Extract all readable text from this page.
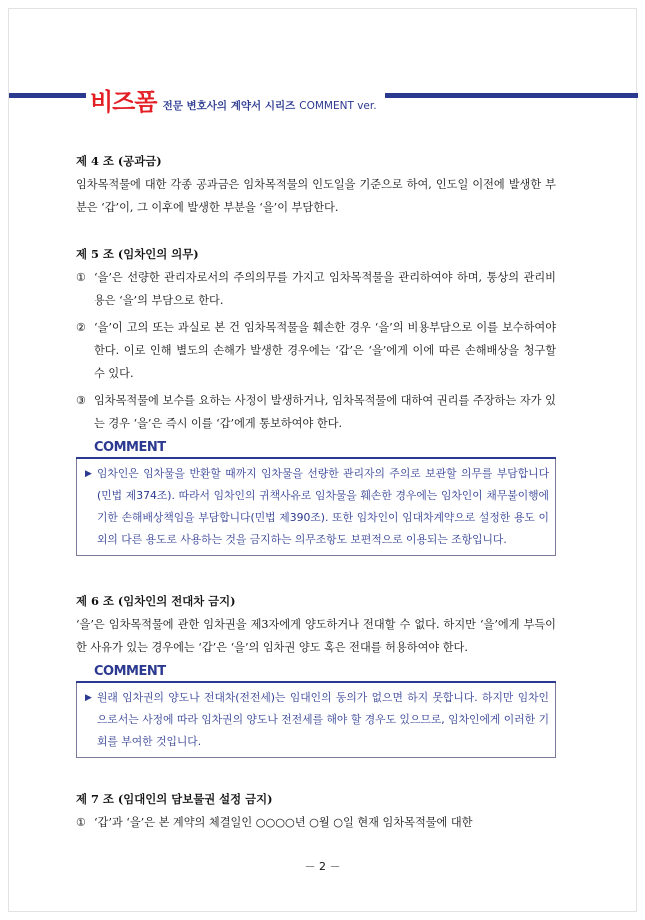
비즈폼 전문 변호사의 계약서 시리즈 COMMENT ver.
제 4 조 (공과금)

임차목적물에 대한 각종 공과금은 임차목적물의 인도일을 기준으로 하여, 인도일 이전에 발생한 부분은 ‘갑’이, 그 이후에 발생한 부분을 ‘을’이 부담한다.

제 5 조 (임차인의 의무)
① ‘을’은 선량한 관리자로서의 주의의무를 가지고 임차목적물을 관리하여야 하며, 통상의 관리비용은 ‘을’의 부담으로 한다.
② ‘을’이 고의 또는 과실로 본 건 임차목적물을 훼손한 경우 ‘을’의 비용부담으로 이를 보수하여야 한다. 이로 인해 별도의 손해가 발생한 경우에는 ‘갑’은 ‘을’에게 이에 따른 손해배상을 청구할 수 있다.
③ 임차목적물에 보수를 요하는 사정이 발생하거나, 임차목적물에 대하여 권리를 주장하는 자가 있는 경우 ‘을’은 즉시 이를 ‘갑’에게 통보하여야 한다.
COMMENT
▶ 임차인은 임차물을 반환할 때까지 임차물을 선량한 관리자의 주의로 보관할 의무를 부담합니다(민법 제374조). 따라서 임차인의 귀책사유로 임차물을 훼손한 경우에는 임차인이 채무불이행에 기한 손해배상책임을 부담합니다(민법 제390조). 또한 임차인이 임대차계약으로 설정한 용도 이외의 다른 용도로 사용하는 것을 금지하는 의무조항도 보편적으로 이용되는 조항입니다.
제 6 조 (임차인의 전대차 금지)

‘을’은 임차목적물에 관한 임차권을 제3자에게 양도하거나 전대할 수 없다. 하지만 ‘을’에게 부득이한 사유가 있는 경우에는 ‘갑’은 ‘을’의 임차권 양도 혹은 전대를 허용하여야 한다.

COMMENT
▶ 원래 임차권의 양도나 전대차(전전세)는 임대인의 동의가 없으면 하지 못합니다. 하지만 임차인으로서는 사정에 따라 임차권의 양도나 전전세를 해야 할 경우도 있으므로, 임차인에게 이러한 기회를 부여한 것입니다.
제 7 조 (임대인의 담보물권 설정 금지)
① ‘갑’과 ‘을’은 본 계약의 체결일인 ○○○○년 ○월 ○일 현재 임차목적물에 대한
－ 2 －
